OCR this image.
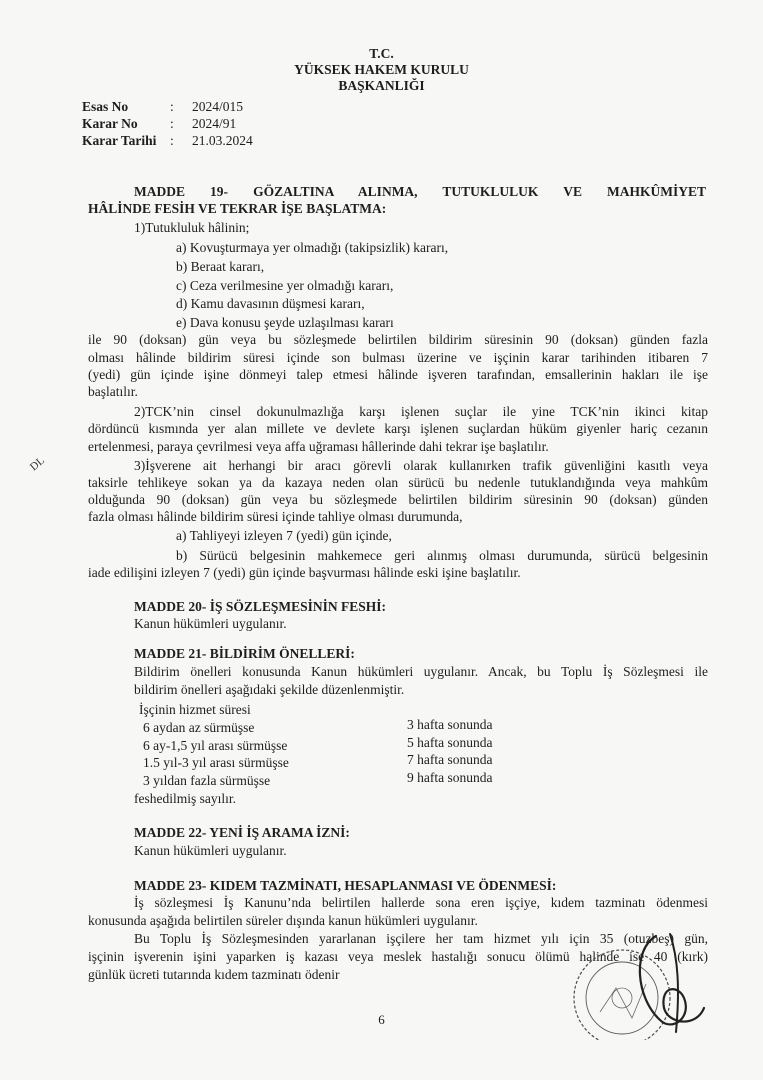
T.C.
YÜKSEK HAKEM KURULU
BAŞKANLIĞI
Esas No	: 2024/015
Karar No : 2024/91
Karar Tarihi : 21.03.2024
MADDE 19- GÖZALTINA ALINMA, TUTUKLULUK VE MAHKÛMİYET
HÂLİNDE FESİH VE TEKRAR İŞE BAŞLATMA:
1)Tutukluluk hâlinin;
a) Kovuşturmaya yer olmadığı (takipsizlik) kararı,
b) Beraat kararı,
c) Ceza verilmesine yer olmadığı kararı,
d) Kamu davasının düşmesi kararı,
e) Dava konusu şeyde uzlaşılması kararı
ile 90 (doksan) gün veya bu sözleşmede belirtilen bildirim süresinin 90 (doksan) günden fazla
olması hâlinde bildirim süresi içinde son bulması üzerine ve işçinin karar tarihinden itibaren 7
(yedi) gün içinde işine dönmeyi talep etmesi hâlinde işveren tarafından, emsallerinin hakları ile işe
başlatılır.
2)TCK’nin cinsel dokunulmazlığa karşı işlenen suçlar ile yine TCK’nin ikinci kitap
dördüncü kısmında yer alan millete ve devlete karşı işlenen suçlardan hüküm giyenler hariç cezanın
ertelenmesi, paraya çevrilmesi veya affa uğraması hâllerinde dahi tekrar işe başlatılır.
3)İşverene ait herhangi bir aracı görevli olarak kullanırken trafik güvenliğini kasıtlı veya
taksirle tehlikeye sokan ya da kazaya neden olan sürücü bu nedenle tutuklandığında veya mahkûm
olduğunda 90 (doksan) gün veya bu sözleşmede belirtilen bildirim süresinin 90 (doksan) günden
fazla olması hâlinde bildirim süresi içinde tahliye olması durumunda,
a) Tahliyeyi izleyen 7 (yedi) gün içinde,
b) Sürücü belgesinin mahkemece geri alınmış olması durumunda, sürücü belgesinin
iade edilişini izleyen 7 (yedi) gün içinde başvurması hâlinde eski işine başlatılır.
MADDE 20- İŞ SÖZLEŞMESİNİN FESHİ:
Kanun hükümleri uygulanır.
MADDE 21- BİLDİRİM ÖNELLERİ:
Bildirim önelleri konusunda Kanun hükümleri uygulanır. Ancak, bu Toplu İş Sözleşmesi ile
bildirim önelleri aşağıdaki şekilde düzenlenmiştir.
İşçinin hizmet süresi
6 aydan az sürmüşse	3 hafta sonunda
6 ay-1,5 yıl arası sürmüşse	5 hafta sonunda
1.5 yıl-3 yıl arası sürmüşse	7 hafta sonunda
3 yıldan fazla sürmüşse	9 hafta sonunda
feshedilmiş sayılır.
MADDE 22- YENİ İŞ ARAMA İZNİ:
Kanun hükümleri uygulanır.
MADDE 23- KIDEM TAZMİNATI, HESAPLANMASI VE ÖDENMESİ:
İş sözleşmesi İş Kanunu’nda belirtilen hallerde sona eren işçiye, kıdem tazminatı ödenmesi
konusunda aşağıda belirtilen süreler dışında kanun hükümleri uygulanır.
Bu Toplu İş Sözleşmesinden yararlanan işçilere her tam hizmet yılı için 35 (otuzbeş) gün,
işçinin işverenin işini yaparken iş kazası veya meslek hastalığı sonucu ölümü halinde ise 40 (kırk)
günlük ücreti tutarında kıdem tazminatı ödenir
DL
6
